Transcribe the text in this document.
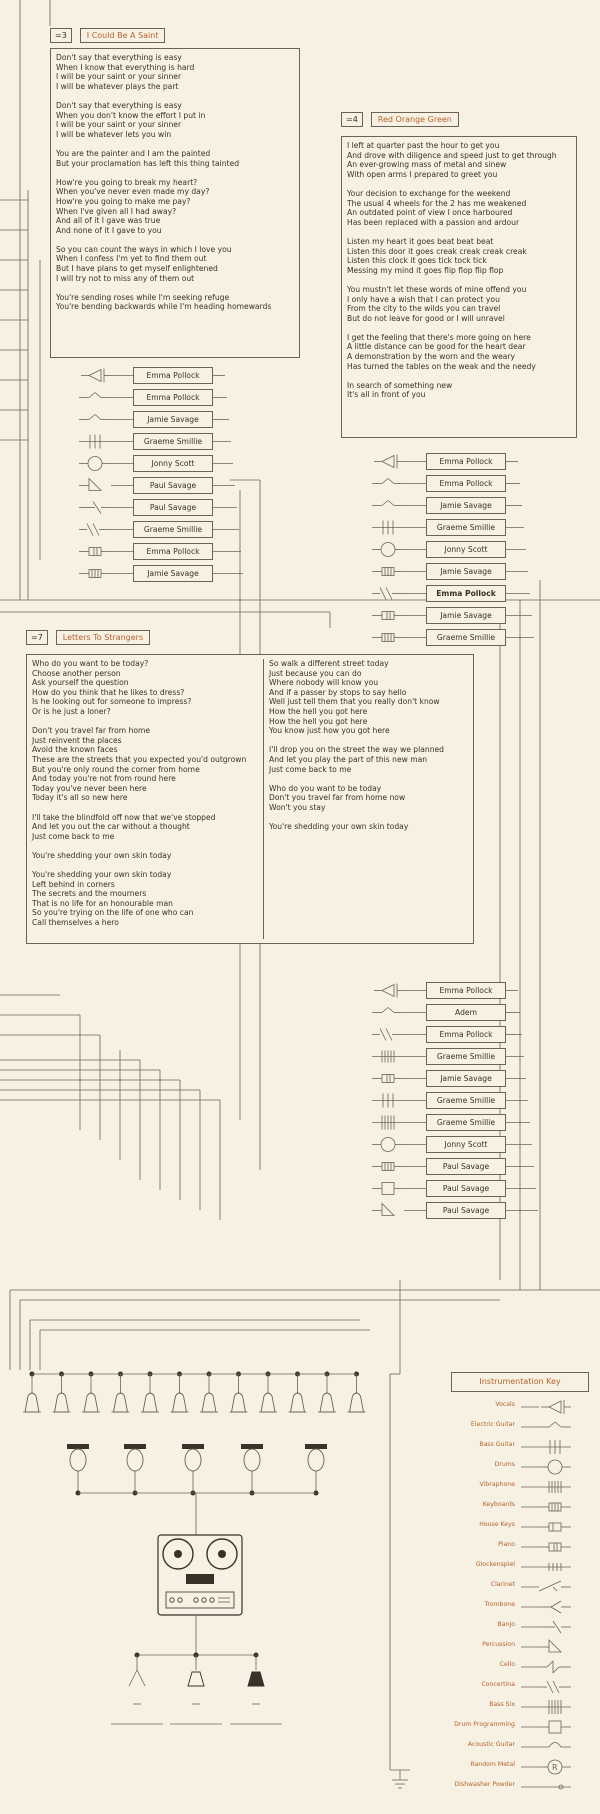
=3	I Could Be A Saint

Don't say that everything is easy

When I know that everything is hard

I will be your saint or your sinner

I will be whatever plays the part

Don't say that everything is easy

When you don't know the effort I put in

I will be your saint or your sinner

I will be whatever lets you win

You are the painter and I am the painted

But your proclamation has left this thing tainted

How're you going to break my heart?

When you've never even made my day?

How're you going to make me pay?

When I've given all I had away?

And all of it I gave was true

And none of it I gave to you

So you can count the ways in which I love you

When I confess I'm yet to find them out

But I have plans to get myself enlightened

I will try not to miss any of them out

You're sending roses while I'm seeking refuge

You're bending backwards while I'm heading homewards

=4	Red Orange Green

I left at quarter past the hour to get you

And drove with diligence and speed just to get through

An ever-growing mass of metal and sinew

With open arms I prepared to greet you

Your decision to exchange for the weekend

The usual 4 wheels for the 2 has me weakened

An outdated point of view I once harboured

Has been replaced with a passion and ardour

Listen my heart it goes beat beat beat

Listen this door it goes creak creak creak creak

Listen this clock it goes tick tock tick

Messing my mind it goes flip flop flip flop

You mustn't let these words of mine offend you

I only have a wish that I can protect you

From the city to the wilds you can travel

But do not leave for good or I will unravel

I get the feeling that there's more going on here

A little distance can be good for the heart dear

A demonstration by the worn and the weary

Has turned the tables on the weak and the needy

In search of something new

It's all in front of you

=7	Letters To Strangers

Who do you want to be today?

Choose another person

Ask yourself the question

How do you think that he likes to dress?

Is he looking out for someone to impress?

Or is he just a loner?

Don't you travel far from home

Just reinvent the places

Avoid the known faces

These are the streets that you expected you'd outgrown

But you're only round the corner from home

And today you're not from round here

Today you've never been here

Today it's all so new here

I'll take the blindfold off now that we've stopped

And let you out the car without a thought

Just come back to me

You're shedding your own skin today

You're shedding your own skin today

Left behind in corners

The secrets and the mourners

That is no life for an honourable man

So you're trying on the life of one who can

Call themselves a hero

So walk a different street today

Just because you can do

Where nobody will know you

And if a passer by stops to say hello

Well just tell them that you really don't know

How the hell you got here

How the hell you got here

You know just how you got here

I'll drop you on the street the way we planned

And let you play the part of this new man

Just come back to me

Who do you want to be today

Don't you travel far from home now

Won't you stay

You're shedding your own skin today

Emma Pollock
Emma Pollock
Jamie Savage
Graeme Smillie
Jonny Scott
Paul Savage
Paul Savage
Graeme Smillie
Emma Pollock
Jamie Savage
Emma Pollock
Emma Pollock
Jamie Savage
Graeme Smillie
Jonny Scott
Jamie Savage
Emma Pollock
Jamie Savage
Graeme Smillie
Emma Pollock
Adem
Emma Pollock
Graeme Smillie
Jamie Savage
Graeme Smillie
Graeme Smillie
Jonny Scott
Paul Savage
Paul Savage
Paul Savage
Instrumentation Key
Vocals
Electric Guitar
Bass Guitar
Drums
Vibraphone
Keyboards
House Keys
Piano
Glockenspiel
Clarinet
Trombone
Banjo
Percussion
Cello
Concertina
Bass Six
Drum Programming
Acoustic Guitar
Random Metal	R
Dishwasher Powder
